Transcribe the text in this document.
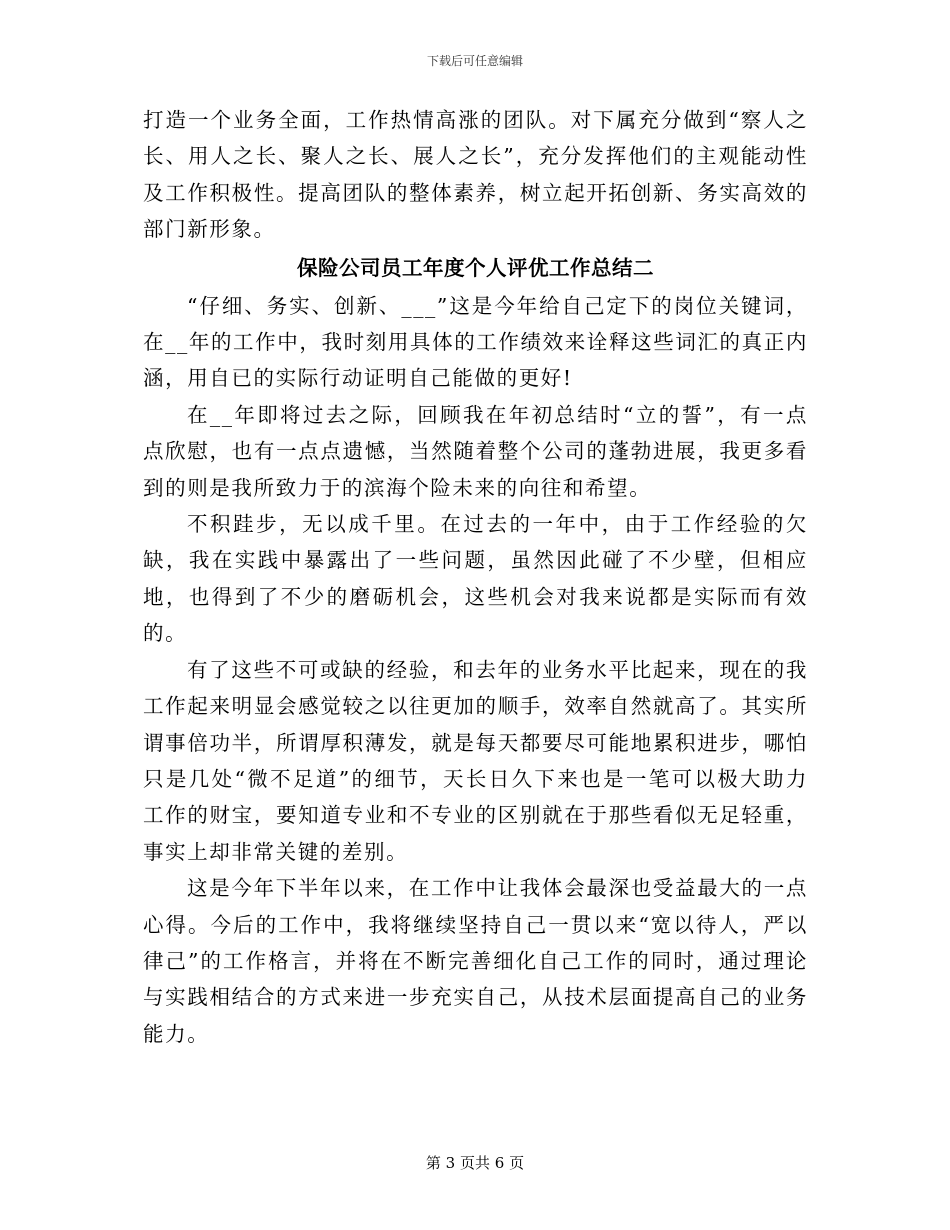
下载后可任意编辑

打造一个业务全面，工作热情高涨的团队。对下属充分做到“察人之长、用人之长、聚人之长、展人之长”，充分发挥他们的主观能动性及工作积极性。提高团队的整体素养，树立起开拓创新、务实高效的部门新形象。

保险公司员工年度个人评优工作总结二

“仔细、务实、创新、___”这是今年给自己定下的岗位关键词，在__年的工作中，我时刻用具体的工作绩效来诠释这些词汇的真正内涵，用自已的实际行动证明自己能做的更好!

在__年即将过去之际，回顾我在年初总结时“立的誓”，有一点点欣慰，也有一点点遗憾，当然随着整个公司的蓬勃进展，我更多看到的则是我所致力于的滨海个险未来的向往和希望。

不积跬步，无以成千里。在过去的一年中，由于工作经验的欠缺，我在实践中暴露出了一些问题，虽然因此碰了不少壁，但相应地，也得到了不少的磨砺机会，这些机会对我来说都是实际而有效的。

有了这些不可或缺的经验，和去年的业务水平比起来，现在的我工作起来明显会感觉较之以往更加的顺手，效率自然就高了。其实所谓事倍功半，所谓厚积薄发，就是每天都要尽可能地累积进步，哪怕只是几处“微不足道”的细节，天长日久下来也是一笔可以极大助力工作的财宝，要知道专业和不专业的区别就在于那些看似无足轻重，事实上却非常关键的差别。

这是今年下半年以来，在工作中让我体会最深也受益最大的一点心得。今后的工作中，我将继续坚持自己一贯以来“宽以待人，严以律己”的工作格言，并将在不断完善细化自己工作的同时，通过理论与实践相结合的方式来进一步充实自己，从技术层面提高自己的业务能力。

第 3 页共 6 页
